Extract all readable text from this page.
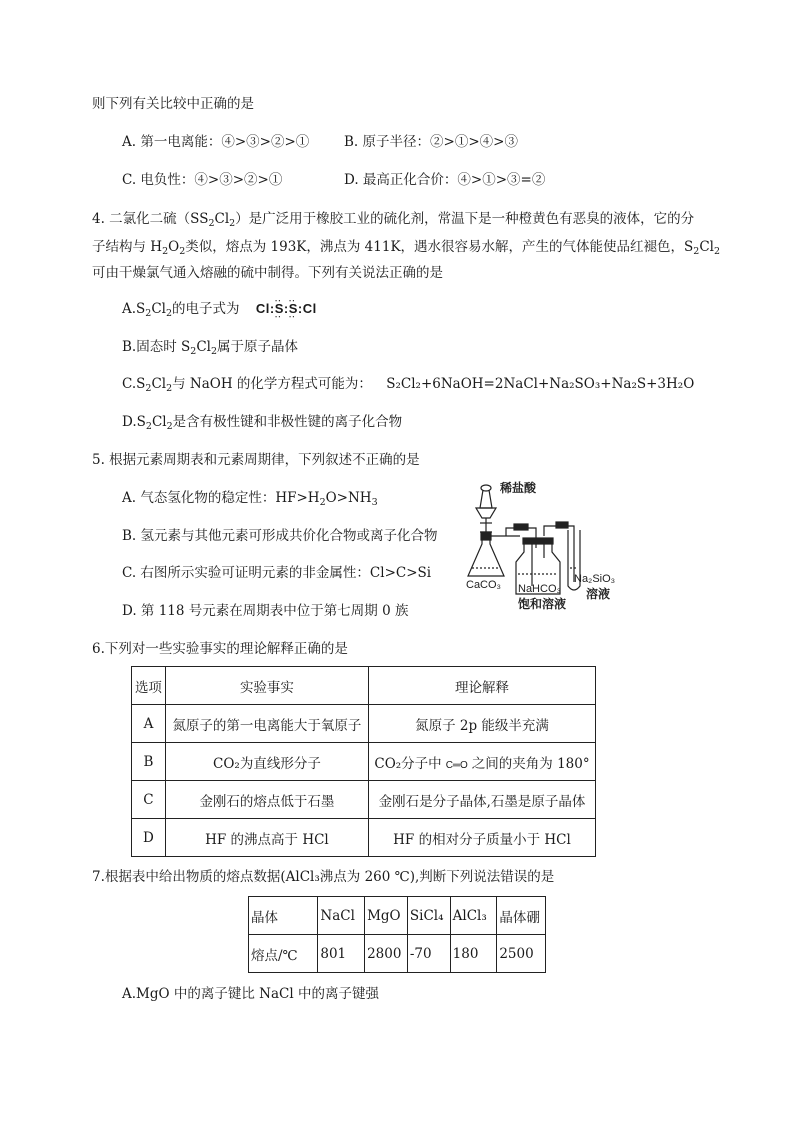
则下列有关比较中正确的是
A. 第一电离能：④>③>②>①	B. 原子半径：②>①>④>③
C. 电负性：④>③>②>①	D. 最高正化合价：④>①>③=②
4. 二氯化二硫$(SS_2Cl_2)$是广泛用于橡胶工业的硫化剂，常温下是一种橙黄色有恶臭的液体，它的分
子结构与 $H_2O_2$类似，熔点为 193K，沸点为 411K，遇水很容易水解，产生的气体能使品红褪色，$S_2Cl_2$
可由干燥氯气通入熔融的硫中制得。下列有关说法正确的是
$A.S_2Cl_2$的电子式为 Cl:: S ::: S ::Cl
B.固态时 $S_2Cl_2$属于原子晶体
$C.S_2Cl_2$与 NaOH 的化学方程式可能为： S₂Cl₂+6NaOH=2NaCl+Na₂SO₃+Na₂S+3H₂O
$D.S_2Cl_2$是含有极性键和非极性键的离子化合物
5. 根据元素周期表和元素周期律，下列叙述不正确的是
A. 气态氢化物的稳定性：$HF>H_2O>NH_3$
B. 氢元素与其他元素可形成共价化合物或离子化合物
C. 右图所示实验可证明元素的非金属性：Cl>C>Si
D. 第 118 号元素在周期表中位于第七周期 0 族
稀盐酸
CaCO₃ NaHCO₃
饱和溶液
Na₂SiO₃
溶液
6.下列对一些实验事实的理论解释正确的是
选项	实验事实	理论解释
A	氮原子的第一电离能大于氧原子	氮原子 2p 能级半充满
B	CO₂为直线形分子	CO₂分子中 C═O 之间的夹角为 180°
C	金刚石的熔点低于石墨	金刚石是分子晶体,石墨是原子晶体
D	HF 的沸点高于 HCl	HF 的相对分子质量小于 HCl
7.根据表中给出物质的熔点数据(AlCl₃沸点为 260 ℃),判断下列说法错误的是
晶体	NaCl	MgO	SiCl₄	AlCl₃	晶体硼
熔点/℃	801	2800	-70	180	2500
A.MgO 中的离子键比 NaCl 中的离子键强
